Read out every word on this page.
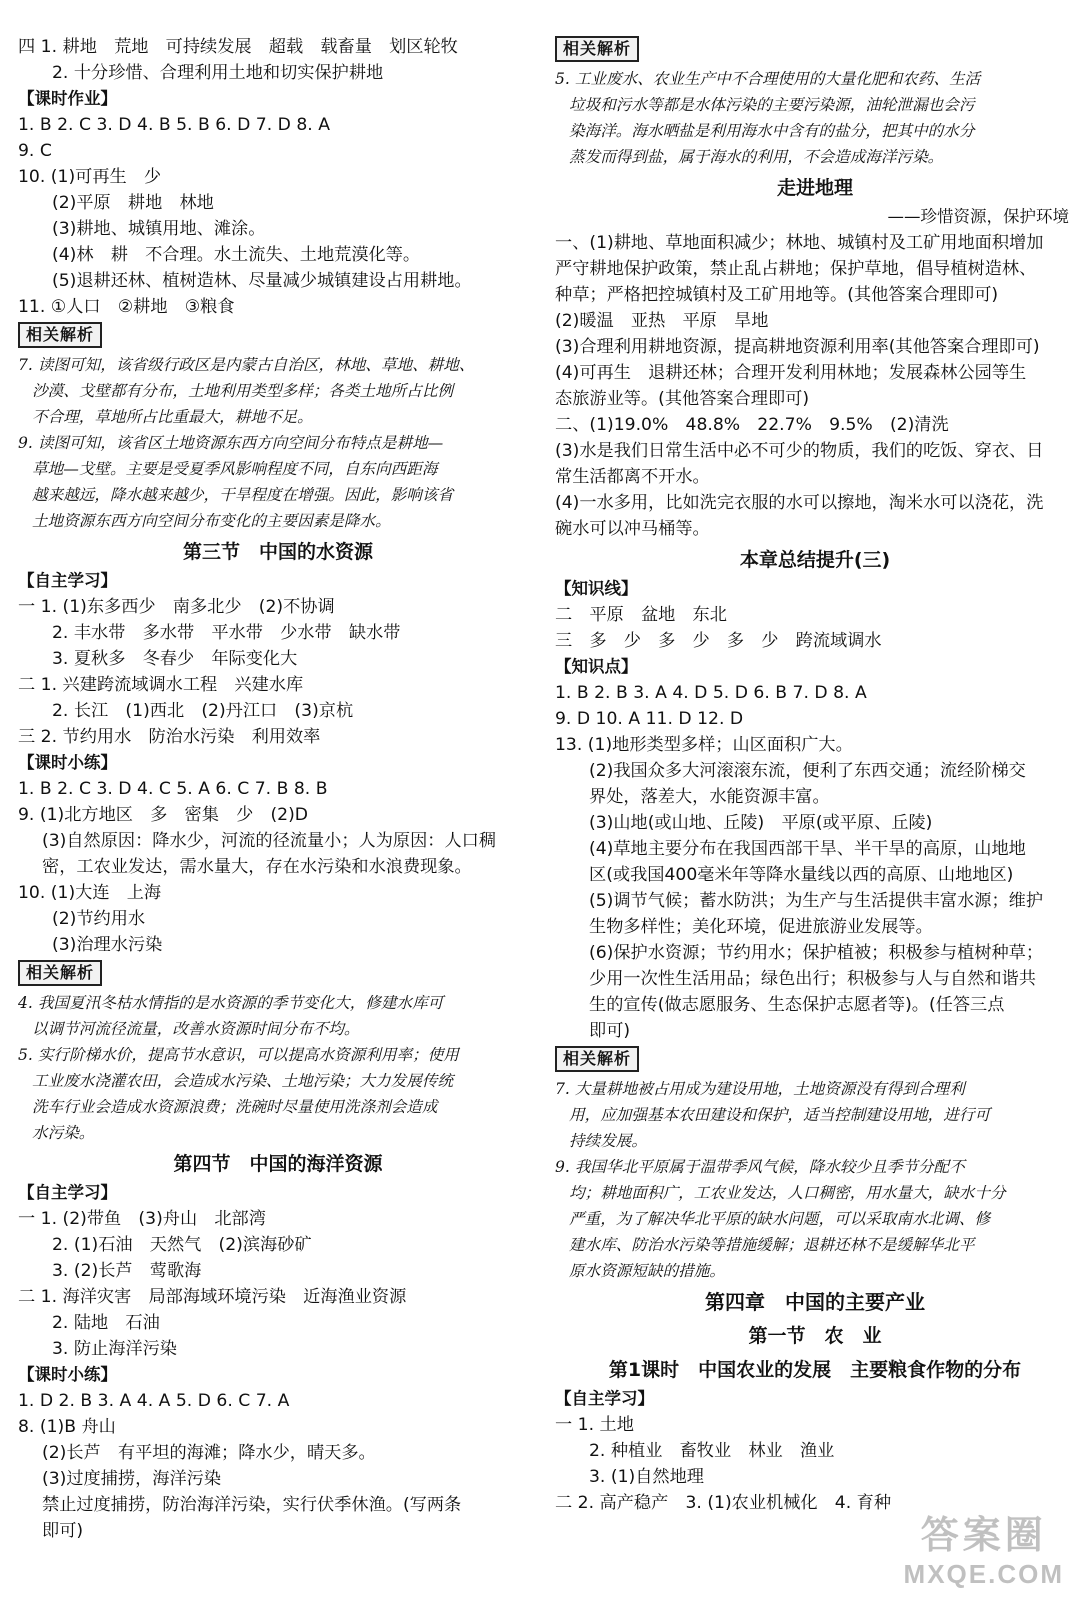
四 1. 耕地　荒地　可持续发展　超载　载畜量　划区轮牧
2. 十分珍惜、合理利用土地和切实保护耕地
【课时作业】
1. B 2. C 3. D 4. B 5. B 6. D 7. D 8. A
9. C
10. (1)可再生　少
(2)平原　耕地　林地
(3)耕地、城镇用地、滩涂。
(4)林　耕　不合理。水土流失、土地荒漠化等。
(5)退耕还林、植树造林、尽量减少城镇建设占用耕地。
11. ①人口　②耕地　③粮食
相关解析
7. 读图可知，该省级行政区是内蒙古自治区，林地、草地、耕地、
沙漠、戈壁都有分布，土地利用类型多样；各类土地所占比例
不合理，草地所占比重最大，耕地不足。
9. 读图可知，该省区土地资源东西方向空间分布特点是耕地—
草地—戈壁。主要是受夏季风影响程度不同，自东向西距海
越来越远，降水越来越少，干旱程度在增强。因此，影响该省
土地资源东西方向空间分布变化的主要因素是降水。
第三节　中国的水资源
【自主学习】
一 1. (1)东多西少　南多北少　(2)不协调
2. 丰水带　多水带　平水带　少水带　缺水带
3. 夏秋多　冬春少　年际变化大
二 1. 兴建跨流域调水工程　兴建水库
2. 长江　(1)西北　(2)丹江口　(3)京杭
三 2. 节约用水　防治水污染　利用效率
【课时小练】
1. B 2. C 3. D 4. C 5. A 6. C 7. B 8. B
9. (1)北方地区　多　密集　少　(2)D
(3)自然原因：降水少，河流的径流量小；人为原因：人口稠
密，工农业发达，需水量大，存在水污染和水浪费现象。
10. (1)大连　上海
(2)节约用水
(3)治理水污染
相关解析
4. 我国夏汛冬枯水情指的是水资源的季节变化大，修建水库可
以调节河流径流量，改善水资源时间分布不均。
5. 实行阶梯水价，提高节水意识，可以提高水资源利用率；使用
工业废水浇灌农田，会造成水污染、土地污染；大力发展传统
洗车行业会造成水资源浪费；洗碗时尽量使用洗涤剂会造成
水污染。
第四节　中国的海洋资源
【自主学习】
一 1. (2)带鱼　(3)舟山　北部湾
2. (1)石油　天然气　(2)滨海砂矿
3. (2)长芦　莺歌海
二 1. 海洋灾害　局部海域环境污染　近海渔业资源
2. 陆地　石油
3. 防止海洋污染
【课时小练】
1. D 2. B 3. A 4. A 5. D 6. C 7. A
8. (1)B 舟山
(2)长芦　有平坦的海滩；降水少，晴天多。
(3)过度捕捞，海洋污染
禁止过度捕捞，防治海洋污染，实行伏季休渔。(写两条
即可)
相关解析
5. 工业废水、农业生产中不合理使用的大量化肥和农药、生活
垃圾和污水等都是水体污染的主要污染源，油轮泄漏也会污
染海洋。海水晒盐是利用海水中含有的盐分，把其中的水分
蒸发而得到盐，属于海水的利用，不会造成海洋污染。
走进地理
——珍惜资源，保护环境
一、(1)耕地、草地面积减少；林地、城镇村及工矿用地面积增加
严守耕地保护政策，禁止乱占耕地；保护草地，倡导植树造林、
种草；严格把控城镇村及工矿用地等。(其他答案合理即可)
(2)暖温　亚热　平原　旱地
(3)合理利用耕地资源，提高耕地资源利用率(其他答案合理即可)
(4)可再生　退耕还林；合理开发利用林地；发展森林公园等生
态旅游业等。(其他答案合理即可)
二、(1)19.0%　48.8%　22.7%　9.5%　(2)清洗
(3)水是我们日常生活中必不可少的物质，我们的吃饭、穿衣、日
常生活都离不开水。
(4)一水多用，比如洗完衣服的水可以擦地，淘米水可以浇花，洗
碗水可以冲马桶等。
本章总结提升(三)
【知识线】
二　平原　盆地　东北
三　多　少　多　少　多　少　跨流域调水
【知识点】
1. B 2. B 3. A 4. D 5. D 6. B 7. D 8. A
9. D 10. A 11. D 12. D
13. (1)地形类型多样；山区面积广大。
(2)我国众多大河滚滚东流，便利了东西交通；流经阶梯交
界处，落差大，水能资源丰富。
(3)山地(或山地、丘陵)　平原(或平原、丘陵)
(4)草地主要分布在我国西部干旱、半干旱的高原，山地地
区(或我国400毫米年等降水量线以西的高原、山地地区)
(5)调节气候；蓄水防洪；为生产与生活提供丰富水源；维护
生物多样性；美化环境，促进旅游业发展等。
(6)保护水资源；节约用水；保护植被；积极参与植树种草；
少用一次性生活用品；绿色出行；积极参与人与自然和谐共
生的宣传(做志愿服务、生态保护志愿者等)。(任答三点
即可)
相关解析
7. 大量耕地被占用成为建设用地，土地资源没有得到合理利
用，应加强基本农田建设和保护，适当控制建设用地，进行可
持续发展。
9. 我国华北平原属于温带季风气候，降水较少且季节分配不
均；耕地面积广，工农业发达，人口稠密，用水量大，缺水十分
严重，为了解决华北平原的缺水问题，可以采取南水北调、修
建水库、防治水污染等措施缓解；退耕还林不是缓解华北平
原水资源短缺的措施。
第四章　中国的主要产业
第一节　农　业
第1课时　中国农业的发展　主要粮食作物的分布
【自主学习】
一 1. 土地
2. 种植业　畜牧业　林业　渔业
3. (1)自然地理
二 2. 高产稳产　3. (1)农业机械化　4. 育种
答案圈
MXQE.COM
